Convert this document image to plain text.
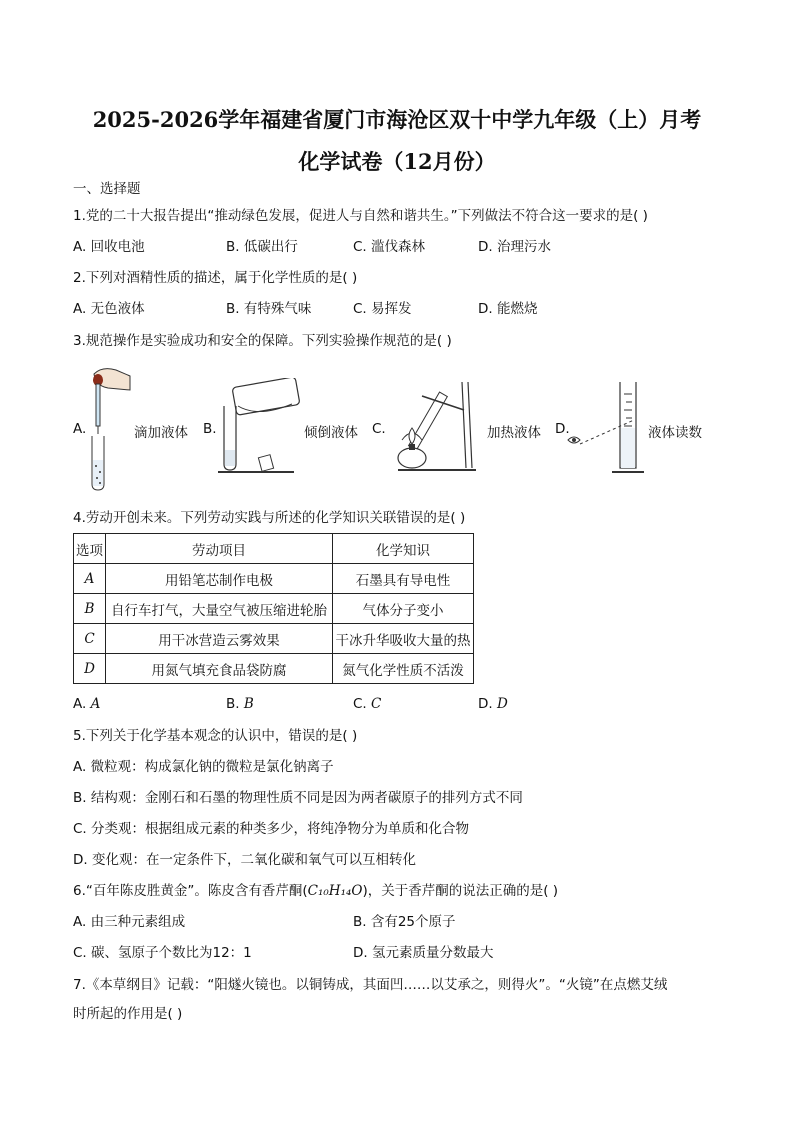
2025-2026学年福建省厦门市海沧区双十中学九年级（上）月考
化学试卷（12月份）
一、选择题
1.党的二十大报告提出“推动绿色发展，促进人与自然和谐共生。”下列做法不符合这一要求的是( )
A. 回收电池	B. 低碳出行	C. 滥伐森林	D. 治理污水
2.下列对酒精性质的描述，属于化学性质的是( )
A. 无色液体	B. 有特殊气味	C. 易挥发	D. 能燃烧
3.规范操作是实验成功和安全的保障。下列实验操作规范的是( )
A.	滴加液体 B.	倾倒液体 C.	加热液体 D.	液体读数
4.劳动开创未来。下列劳动实践与所述的化学知识关联错误的是( )
选项	劳动项目	化学知识
A	用铅笔芯制作电极	石墨具有导电性
B	自行车打气，大量空气被压缩进轮胎	气体分子变小
C	用干冰营造云雾效果	干冰升华吸收大量的热
D	用氮气填充食品袋防腐	氮气化学性质不活泼
A. A	B. B	C. C	D. D
5.下列关于化学基本观念的认识中，错误的是( )
A. 微粒观：构成氯化钠的微粒是氯化钠离子
B. 结构观：金刚石和石墨的物理性质不同是因为两者碳原子的排列方式不同
C. 分类观：根据组成元素的种类多少，将纯净物分为单质和化合物
D. 变化观：在一定条件下，二氧化碳和氧气可以互相转化
6.“百年陈皮胜黄金”。陈皮含有香芹酮(C₁₀H₁₄O)，关于香芹酮的说法正确的是( )
A. 由三种元素组成	B. 含有25个原子
C. 碳、氢原子个数比为12：1	D. 氢元素质量分数最大
7.《本草纲目》记载：“阳燧火镜也。以铜铸成，其面凹……以艾承之，则得火”。“火镜”在点燃艾绒
时所起的作用是( )
